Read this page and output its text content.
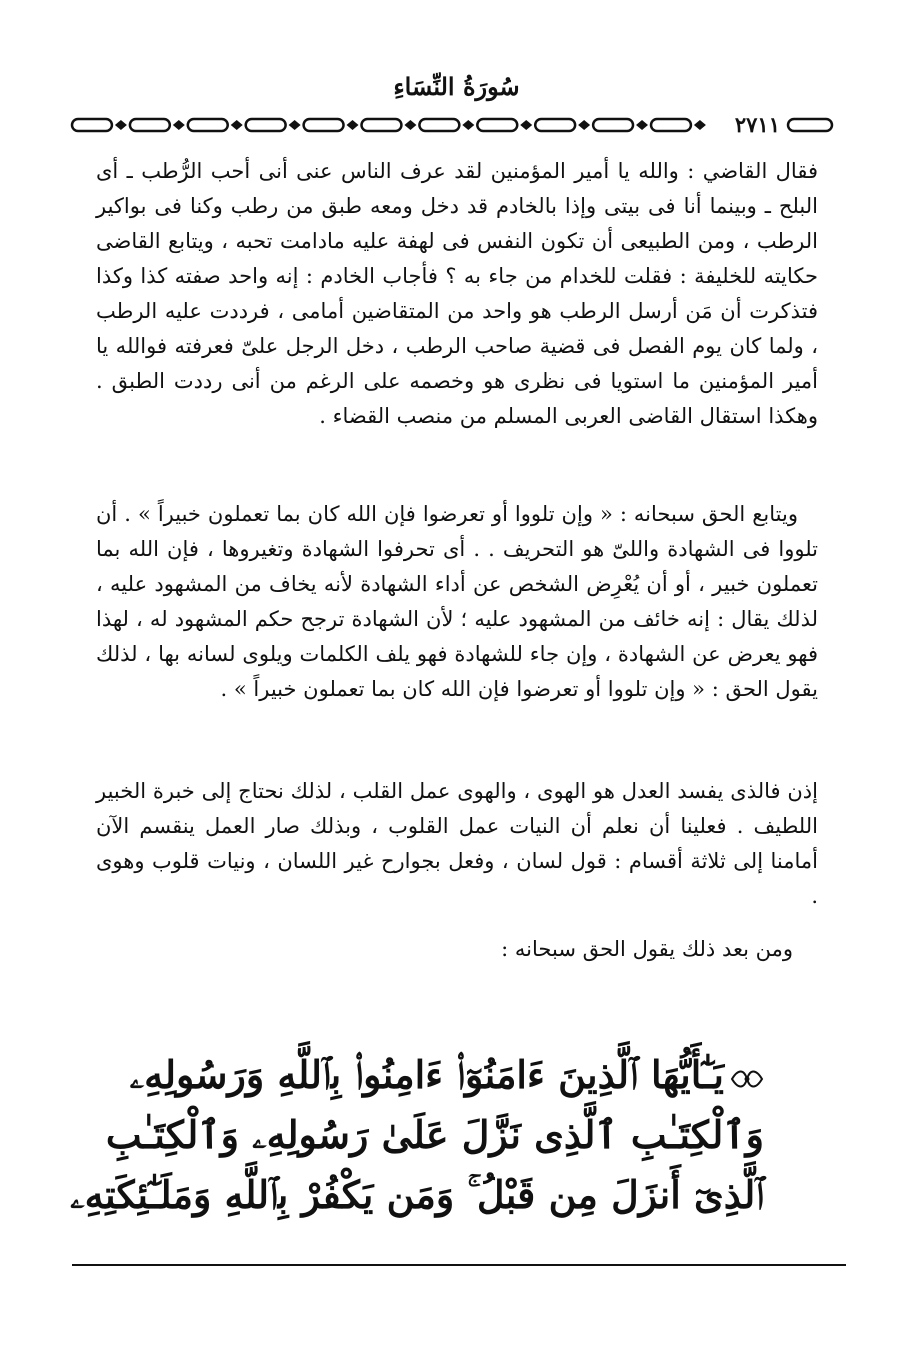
سُورَةُ النِّسَاءِ
٢٧١١
فقال القاضي : والله يا أمير المؤمنين لقد عرف الناس عنى أنى أحب الرُّطب ـ أى البلح ـ وبينما أنا فى بيتى وإذا بالخادم قد دخل ومعه طبق من رطب وكنا فى بواكير الرطب ، ومن الطبيعى أن تكون النفس فى لهفة عليه مادامت تحبه ، ويتابع القاضى حكايته للخليفة : فقلت للخدام من جاء به ؟ فأجاب الخادم : إنه واحد صفته كذا وكذا فتذكرت أن مَن أرسل الرطب هو واحد من المتقاضين أمامى ، فرددت عليه الرطب ، ولما كان يوم الفصل فى قضية صاحب الرطب ، دخل الرجل علىّ فعرفته فوالله يا أمير المؤمنين ما استويا فى نظرى هو وخصمه على الرغم من أنى رددت الطبق . وهكذا استقال القاضى العربى المسلم من منصب القضاء .
ويتابع الحق سبحانه : « وإن تلووا أو تعرضوا فإن الله كان بما تعملون خبيراً » . أن تلووا فى الشهادة واللىّ هو التحريف . . أى تحرفوا الشهادة وتغيروها ، فإن الله بما تعملون خبير ، أو أن يُعْرِض الشخص عن أداء الشهادة لأنه يخاف من المشهود عليه ، لذلك يقال : إنه خائف من المشهود عليه ؛ لأن الشهادة ترجح حكم المشهود له ، لهذا فهو يعرض عن الشهادة ، وإن جاء للشهادة فهو يلف الكلمات ويلوى لسانه بها ، لذلك يقول الحق : « وإن تلووا أو تعرضوا فإن الله كان بما تعملون خبيراً » .
إذن فالذى يفسد العدل هو الهوى ، والهوى عمل القلب ، لذلك نحتاج إلى خبرة الخبير اللطيف . فعلينا أن نعلم أن النيات عمل القلوب ، وبذلك صار العمل ينقسم الآن أمامنا إلى ثلاثة أقسام : قول لسان ، وفعل بجوارح غير اللسان ، ونيات قلوب وهوى .
ومن بعد ذلك يقول الحق سبحانه :
يَـٰٓأَيُّهَا ٱلَّذِينَ ءَامَنُوٓا۟ ءَامِنُوا۟ بِٱللَّهِ وَرَسُولِهِۦ
وَٱلْكِتَـٰبِ ٱلَّذِى نَزَّلَ عَلَىٰ رَسُولِهِۦ وَٱلْكِتَـٰبِ
ٱلَّذِىٓ أَنزَلَ مِن قَبْلُ ۚ وَمَن يَكْفُرْ بِٱللَّهِ وَمَلَـٰٓئِكَتِهِۦ
